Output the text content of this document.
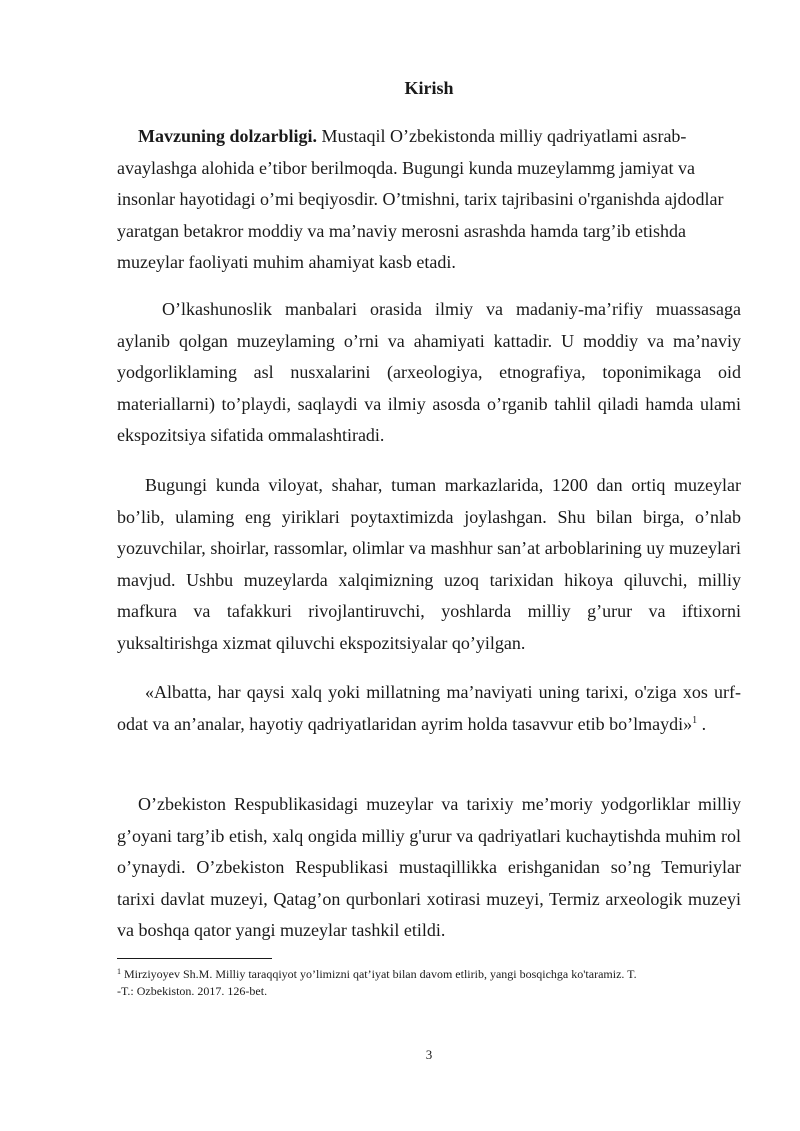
Kirish

Mavzuning dolzarbligi. Mustaqil O’zbekistonda milliy qadriyatlami asrab-avaylashga alohida e’tibor berilmoqda. Bugungi kunda muzeylammg jamiyat va insonlar hayotidagi o’mi beqiyosdir. O’tmishni, tarix tajribasini o'rganishda ajdodlar yaratgan betakror moddiy va ma’naviy merosni asrashda hamda targ’ib etishda muzeylar faoliyati muhim ahamiyat kasb etadi.

O’lkashunoslik manbalari orasida ilmiy va madaniy-ma’rifiy muassasaga aylanib qolgan muzeylaming o’rni va ahamiyati kattadir. U moddiy va ma’naviy yodgorliklaming asl nusxalarini (arxeologiya, etnografiya, toponimikaga oid materiallarni) to’playdi, saqlaydi va ilmiy asosda o’rganib tahlil qiladi hamda ulami ekspozitsiya sifatida ommalashtiradi.

Bugungi kunda viloyat, shahar, tuman markazlarida, 1200 dan ortiq muzeylar bo’lib, ulaming eng yiriklari poytaxtimizda joylashgan. Shu bilan birga, o’nlab yozuvchilar, shoirlar, rassomlar, olimlar va mashhur san’at arboblarining uy muzeylari mavjud. Ushbu muzeylarda xalqimizning uzoq tarixidan hikoya qiluvchi, milliy mafkura va tafakkuri rivojlantiruvchi, yoshlarda milliy g’urur va iftixorni yuksaltirishga xizmat qiluvchi ekspozitsiyalar qo’yilgan.

«Albatta, har qaysi xalq yoki millatning ma’naviyati uning tarixi, o'ziga xos urf-odat va an’analar, hayotiy qadriyatlaridan ayrim holda tasavvur etib bo’lmaydi»$^1$ .

O’zbekiston Respublikasidagi muzeylar va tarixiy me’moriy yodgorliklar milliy g’oyani targ’ib etish, xalq ongida milliy g'urur va qadriyatlari kuchaytishda muhim rol o’ynaydi. O’zbekiston Respublikasi mustaqillikka erishganidan so’ng Temuriylar tarixi davlat muzeyi, Qatag’on qurbonlari xotirasi muzeyi, Termiz arxeologik muzeyi va boshqa qator yangi muzeylar tashkil etildi.

$^1$ Mirziyoyev Sh.M. Milliy taraqqiyot yo’limizni qat’iyat bilan davom etlirib, yangi bosqichga ko'taramiz. T.
-T.: Ozbekiston. 2017. 126-bet.

3
